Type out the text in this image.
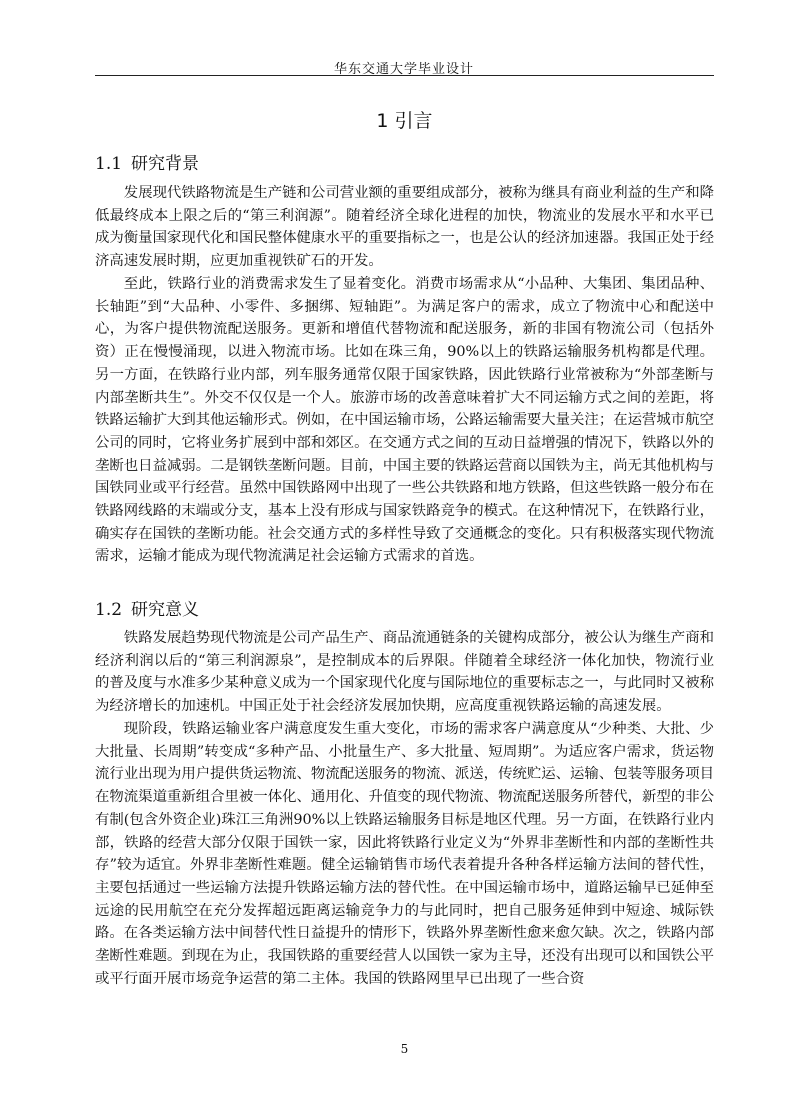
华东交通大学毕业设计
1 引言
1.1 研究背景

发展现代铁路物流是生产链和公司营业额的重要组成部分，被称为继具有商业利益的生产和降低最终成本上限之后的“第三利润源”。随着经济全球化进程的加快，物流业的发展水平和水平已成为衡量国家现代化和国民整体健康水平的重要指标之一，也是公认的经济加速器。我国正处于经济高速发展时期，应更加重视铁矿石的开发。

至此，铁路行业的消费需求发生了显着变化。消费市场需求从“小品种、大集团、集团品种、长轴距”到“大品种、小零件、多捆绑、短轴距”。为满足客户的需求，成立了物流中心和配送中心，为客户提供物流配送服务。更新和增值代替物流和配送服务，新的非国有物流公司（包括外资）正在慢慢涌现，以进入物流市场。比如在珠三角，90%以上的铁路运输服务机构都是代理。另一方面，在铁路行业内部，列车服务通常仅限于国家铁路，因此铁路行业常被称为“外部垄断与内部垄断共生”。外交不仅仅是一个人。旅游市场的改善意味着扩大不同运输方式之间的差距，将铁路运输扩大到其他运输形式。例如，在中国运输市场，公路运输需要大量关注；在运营城市航空公司的同时，它将业务扩展到中部和郊区。在交通方式之间的互动日益增强的情况下，铁路以外的垄断也日益减弱。二是钢铁垄断问题。目前，中国主要的铁路运营商以国铁为主，尚无其他机构与国铁同业或平行经营。虽然中国铁路网中出现了一些公共铁路和地方铁路，但这些铁路一般分布在铁路网线路的末端或分支，基本上没有形成与国家铁路竞争的模式。在这种情况下，在铁路行业，确实存在国铁的垄断功能。社会交通方式的多样性导致了交通概念的变化。只有积极落实现代物流需求，运输才能成为现代物流满足社会运输方式需求的首选。

1.2 研究意义

铁路发展趋势现代物流是公司产品生产、商品流通链条的关键构成部分，被公认为继生产商和经济利润以后的“第三利润源泉”，是控制成本的后界限。伴随着全球经济一体化加快，物流行业的普及度与水准多少某种意义成为一个国家现代化度与国际地位的重要标志之一，与此同时又被称为经济增长的加速机。中国正处于社会经济发展加快期，应高度重视铁路运输的高速发展。

现阶段，铁路运输业客户满意度发生重大变化，市场的需求客户满意度从“少种类、大批、少大批量、长周期”转变成“多种产品、小批量生产、多大批量、短周期”。为适应客户需求，货运物流行业出现为用户提供货运物流、物流配送服务的物流、派送，传统贮运、运输、包装等服务项目在物流渠道重新组合里被一体化、通用化、升值变的现代物流、物流配送服务所替代，新型的非公有制(包含外资企业)珠江三角洲90%以上铁路运输服务目标是地区代理。另一方面，在铁路行业内部，铁路的经营大部分仅限于国铁一家，因此将铁路行业定义为“外界非垄断性和内部的垄断性共存”较为适宜。外界非垄断性难题。健全运输销售市场代表着提升各种各样运输方法间的替代性，主要包括通过一些运输方法提升铁路运输方法的替代性。在中国运输市场中，道路运输早已延伸至远途的民用航空在充分发挥超远距离运输竞争力的与此同时，把自己服务延伸到中短途、城际铁路。在各类运输方法中间替代性日益提升的情形下，铁路外界垄断性愈来愈欠缺。次之，铁路内部垄断性难题。到现在为止，我国铁路的重要经营人以国铁一家为主导，还没有出现可以和国铁公平或平行面开展市场竞争运营的第二主体。我国的铁路网里早已出现了一些合资

5
